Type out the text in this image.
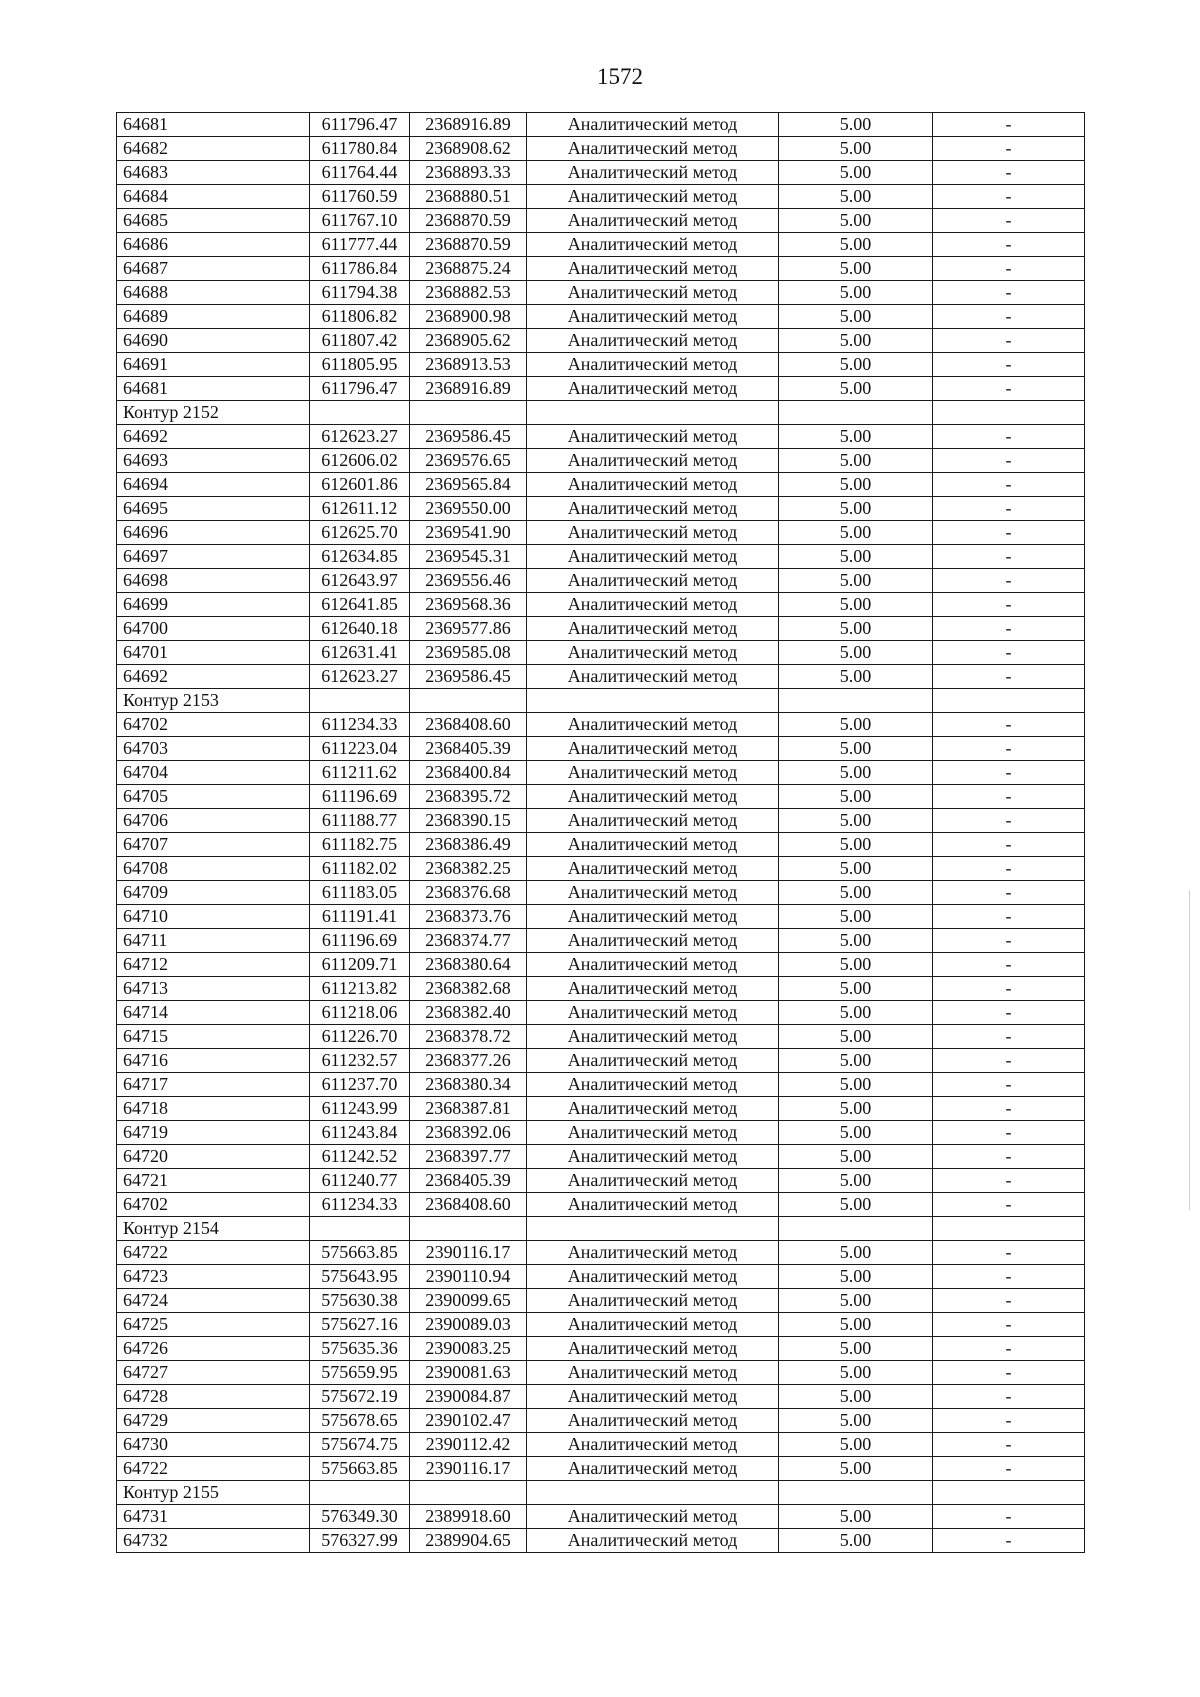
1572
64681	611796.47	2368916.89	Аналитический метод	5.00	-
64682	611780.84	2368908.62	Аналитический метод	5.00	-
64683	611764.44	2368893.33	Аналитический метод	5.00	-
64684	611760.59	2368880.51	Аналитический метод	5.00	-
64685	611767.10	2368870.59	Аналитический метод	5.00	-
64686	611777.44	2368870.59	Аналитический метод	5.00	-
64687	611786.84	2368875.24	Аналитический метод	5.00	-
64688	611794.38	2368882.53	Аналитический метод	5.00	-
64689	611806.82	2368900.98	Аналитический метод	5.00	-
64690	611807.42	2368905.62	Аналитический метод	5.00	-
64691	611805.95	2368913.53	Аналитический метод	5.00	-
64681	611796.47	2368916.89	Аналитический метод	5.00	-
Контур 2152					
64692	612623.27	2369586.45	Аналитический метод	5.00	-
64693	612606.02	2369576.65	Аналитический метод	5.00	-
64694	612601.86	2369565.84	Аналитический метод	5.00	-
64695	612611.12	2369550.00	Аналитический метод	5.00	-
64696	612625.70	2369541.90	Аналитический метод	5.00	-
64697	612634.85	2369545.31	Аналитический метод	5.00	-
64698	612643.97	2369556.46	Аналитический метод	5.00	-
64699	612641.85	2369568.36	Аналитический метод	5.00	-
64700	612640.18	2369577.86	Аналитический метод	5.00	-
64701	612631.41	2369585.08	Аналитический метод	5.00	-
64692	612623.27	2369586.45	Аналитический метод	5.00	-
Контур 2153					
64702	611234.33	2368408.60	Аналитический метод	5.00	-
64703	611223.04	2368405.39	Аналитический метод	5.00	-
64704	611211.62	2368400.84	Аналитический метод	5.00	-
64705	611196.69	2368395.72	Аналитический метод	5.00	-
64706	611188.77	2368390.15	Аналитический метод	5.00	-
64707	611182.75	2368386.49	Аналитический метод	5.00	-
64708	611182.02	2368382.25	Аналитический метод	5.00	-
64709	611183.05	2368376.68	Аналитический метод	5.00	-
64710	611191.41	2368373.76	Аналитический метод	5.00	-
64711	611196.69	2368374.77	Аналитический метод	5.00	-
64712	611209.71	2368380.64	Аналитический метод	5.00	-
64713	611213.82	2368382.68	Аналитический метод	5.00	-
64714	611218.06	2368382.40	Аналитический метод	5.00	-
64715	611226.70	2368378.72	Аналитический метод	5.00	-
64716	611232.57	2368377.26	Аналитический метод	5.00	-
64717	611237.70	2368380.34	Аналитический метод	5.00	-
64718	611243.99	2368387.81	Аналитический метод	5.00	-
64719	611243.84	2368392.06	Аналитический метод	5.00	-
64720	611242.52	2368397.77	Аналитический метод	5.00	-
64721	611240.77	2368405.39	Аналитический метод	5.00	-
64702	611234.33	2368408.60	Аналитический метод	5.00	-
Контур 2154					
64722	575663.85	2390116.17	Аналитический метод	5.00	-
64723	575643.95	2390110.94	Аналитический метод	5.00	-
64724	575630.38	2390099.65	Аналитический метод	5.00	-
64725	575627.16	2390089.03	Аналитический метод	5.00	-
64726	575635.36	2390083.25	Аналитический метод	5.00	-
64727	575659.95	2390081.63	Аналитический метод	5.00	-
64728	575672.19	2390084.87	Аналитический метод	5.00	-
64729	575678.65	2390102.47	Аналитический метод	5.00	-
64730	575674.75	2390112.42	Аналитический метод	5.00	-
64722	575663.85	2390116.17	Аналитический метод	5.00	-
Контур 2155					
64731	576349.30	2389918.60	Аналитический метод	5.00	-
64732	576327.99	2389904.65	Аналитический метод	5.00	-
